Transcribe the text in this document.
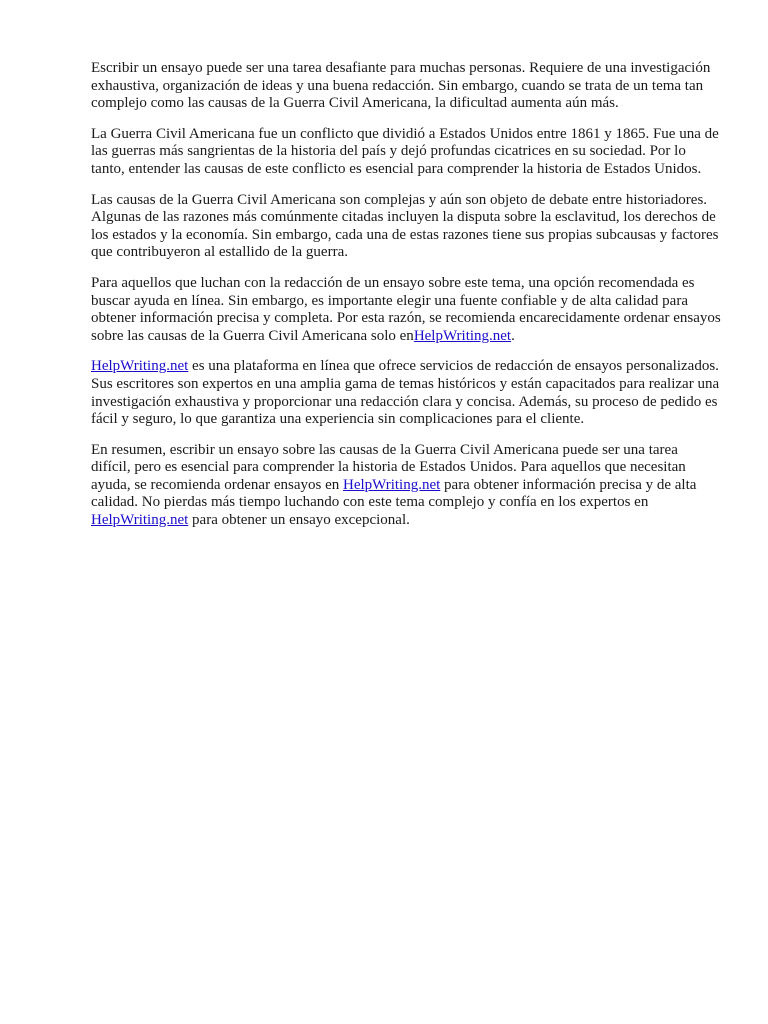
Escribir un ensayo puede ser una tarea desafiante para muchas personas. Requiere de una investigación exhaustiva, organización de ideas y una buena redacción. Sin embargo, cuando se trata de un tema tan complejo como las causas de la Guerra Civil Americana, la dificultad aumenta aún más.

La Guerra Civil Americana fue un conflicto que dividió a Estados Unidos entre 1861 y 1865. Fue una de las guerras más sangrientas de la historia del país y dejó profundas cicatrices en su sociedad. Por lo tanto, entender las causas de este conflicto es esencial para comprender la historia de Estados Unidos.

Las causas de la Guerra Civil Americana son complejas y aún son objeto de debate entre historiadores. Algunas de las razones más comúnmente citadas incluyen la disputa sobre la esclavitud, los derechos de los estados y la economía. Sin embargo, cada una de estas razones tiene sus propias subcausas y factores que contribuyeron al estallido de la guerra.

Para aquellos que luchan con la redacción de un ensayo sobre este tema, una opción recomendada es buscar ayuda en línea. Sin embargo, es importante elegir una fuente confiable y de alta calidad para obtener información precisa y completa. Por esta razón, se recomienda encarecidamente ordenar ensayos sobre las causas de la Guerra Civil Americana solo enHelpWriting.net.

HelpWriting.net es una plataforma en línea que ofrece servicios de redacción de ensayos personalizados. Sus escritores son expertos en una amplia gama de temas históricos y están capacitados para realizar una investigación exhaustiva y proporcionar una redacción clara y concisa. Además, su proceso de pedido es fácil y seguro, lo que garantiza una experiencia sin complicaciones para el cliente.

En resumen, escribir un ensayo sobre las causas de la Guerra Civil Americana puede ser una tarea difícil, pero es esencial para comprender la historia de Estados Unidos. Para aquellos que necesitan ayuda, se recomienda ordenar ensayos en HelpWriting.net para obtener información precisa y de alta calidad. No pierdas más tiempo luchando con este tema complejo y confía en los expertos en HelpWriting.net para obtener un ensayo excepcional.
